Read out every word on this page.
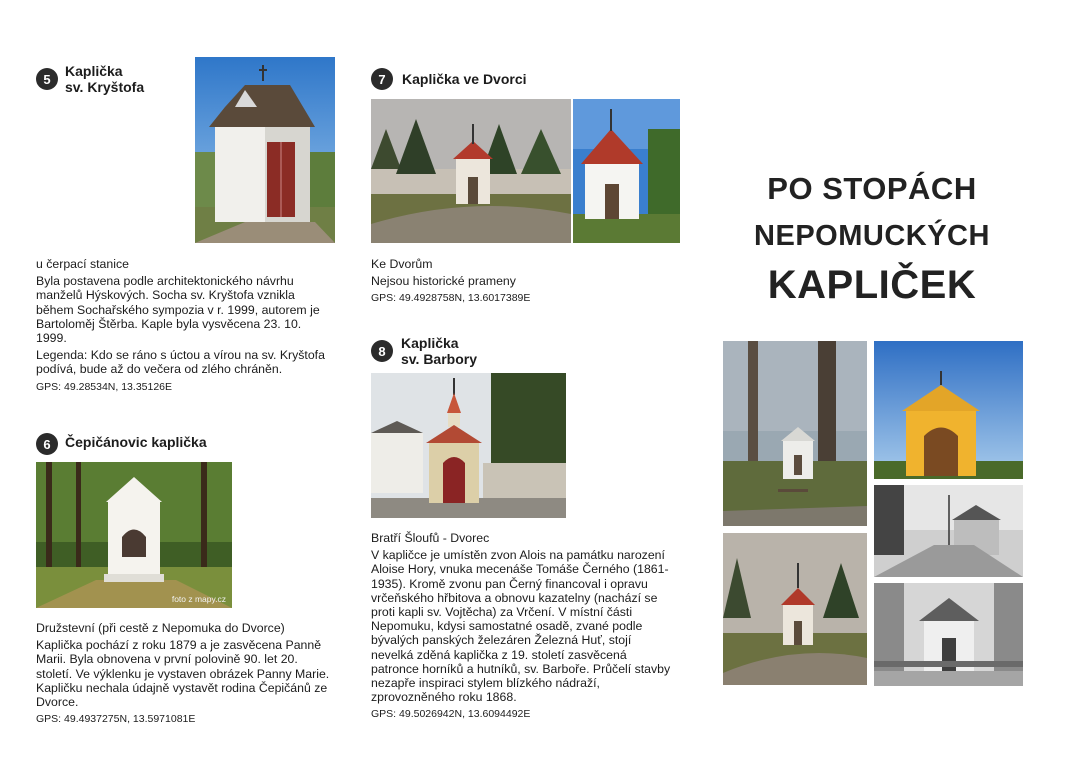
5	Kaplička
sv. Kryštofa

u čerpací stanice

Byla postavena podle architektonického návrhu manželů Hýskových. Socha sv. Kryštofa vznikla během Sochařského sympozia v r. 1999, autorem je Bartoloměj Štěrba. Kaple byla vysvěcena 23. 10. 1999.

Legenda: Kdo se ráno s úctou a vírou na sv. Kryštofa podívá, bude až do večera od zlého chráněn.

GPS: 49.28534N, 13.35126E

6	Čepičánovic kaplička
foto z mapy.cz

Družstevní (při cestě z Nepomuka do Dvorce)

Kaplička pochází z roku 1879 a je zasvěcena Panně Marii. Byla obnovena v první polovině 90. let 20. století. Ve výklenku je vystaven obrázek Panny Marie. Kapličku nechala údajně vystavět rodina Čepičánů ze Dvorce.

GPS: 49.4937275N, 13.5971081E

7	Kaplička ve Dvorci

Ke Dvorům

Nejsou historické prameny

GPS: 49.4928758N, 13.6017389E

8	Kaplička
sv. Barbory

Bratří Šloufů - Dvorec

V kapličce je umístěn zvon Alois na památku narození Aloise Hory, vnuka mecenáše Tomáše Černého (1861-1935). Kromě zvonu pan Černý financoval i opravu vrčeňského hřbitova a obnovu kazatelny (nachází se proti kapli sv. Vojtěcha) za Vrčení. V místní části Nepomuku, kdysi samostatné osadě, zvané podle bývalých panských železáren Železná Huť, stojí nevelká zděná kaplička z 19. století zasvěcená patronce horníků a hutníků, sv. Barboře. Průčelí stavby nezapře inspiraci stylem blízkého nádraží, zprovozněného roku 1868.

GPS: 49.5026942N, 13.6094492E

PO STOPÁCH
NEPOMUCKÝCH
KAPLIČEK
